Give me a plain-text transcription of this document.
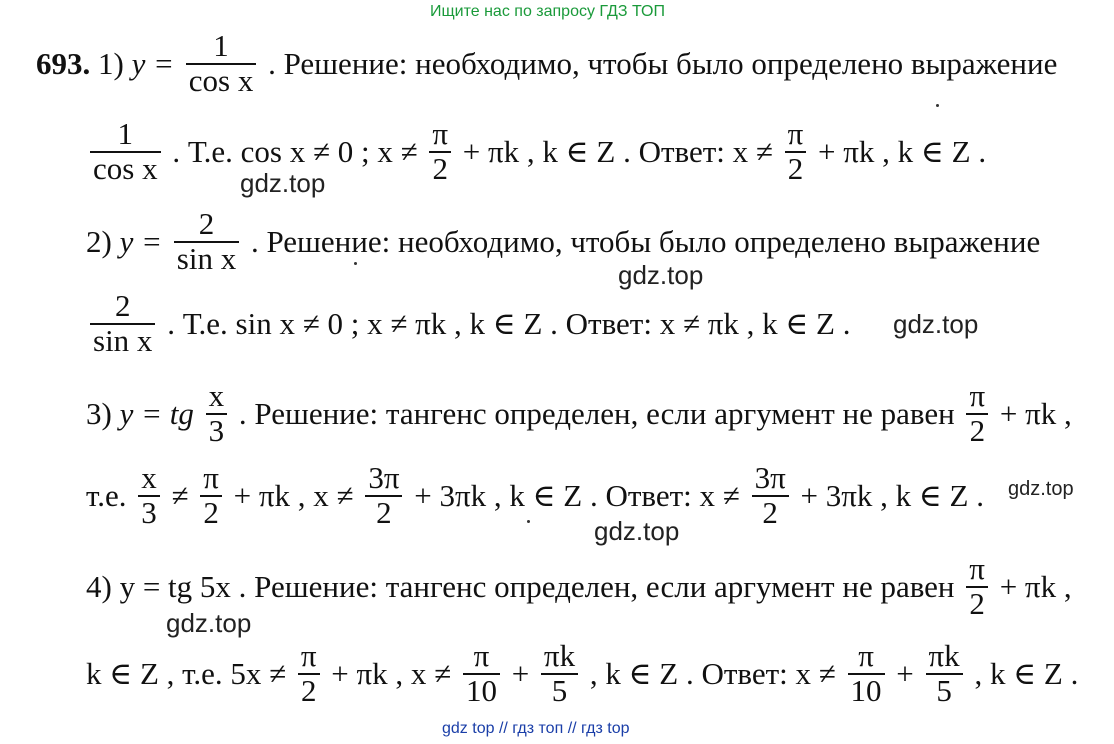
Ищите нас по запросу ГДЗ ТОП
693. 1) $y = \frac{1}{\text{cos x}}$ . Решение: необходимо, чтобы было определено выражение
$\frac{1}{\text{cos x}}$ . Т.е. cos x ≠ 0 ; $x \ne \frac{\pi}{2} + \pi k$ , k ∈ Z . Ответ: $x \ne \frac{\pi}{2} + \pi k$ , k ∈ Z .
gdz.top
2) $y = \frac{2}{\text{sin x}}$ . Решение: необходимо, чтобы было определено выражение
gdz.top
$\frac{2}{\text{sin x}}$ . Т.е. sin x ≠ 0 ; x ≠ πk , k ∈ Z . Ответ: x ≠ πk , k ∈ Z . gdz.top
3) y = tg $\frac{x}{3}$ . Решение: тангенс определен, если аргумент не равен $\frac{\pi}{2} + \pi k$ ,
т.е. $\frac{x}{3} \ne \frac{\pi}{2} + \pi k$ , $x \ne \frac{3\pi}{2} + 3\pi k$ , k ∈ Z . Ответ: $x \ne \frac{3\pi}{2} + 3\pi k$ , k ∈ Z . gdz.top
gdz.top
4) y = tg 5x . Решение: тангенс определен, если аргумент не равен $\frac{\pi}{2} + \pi k$ ,
gdz.top
k ∈ Z , т.е. $5x \ne \frac{\pi}{2} + \pi k$ , $x \ne \frac{\pi}{10} + \frac{\pi k}{5}$ , k ∈ Z . Ответ: $x \ne \frac{\pi}{10} + \frac{\pi k}{5}$ , k ∈ Z .
gdz top // гдз топ // гдз top
